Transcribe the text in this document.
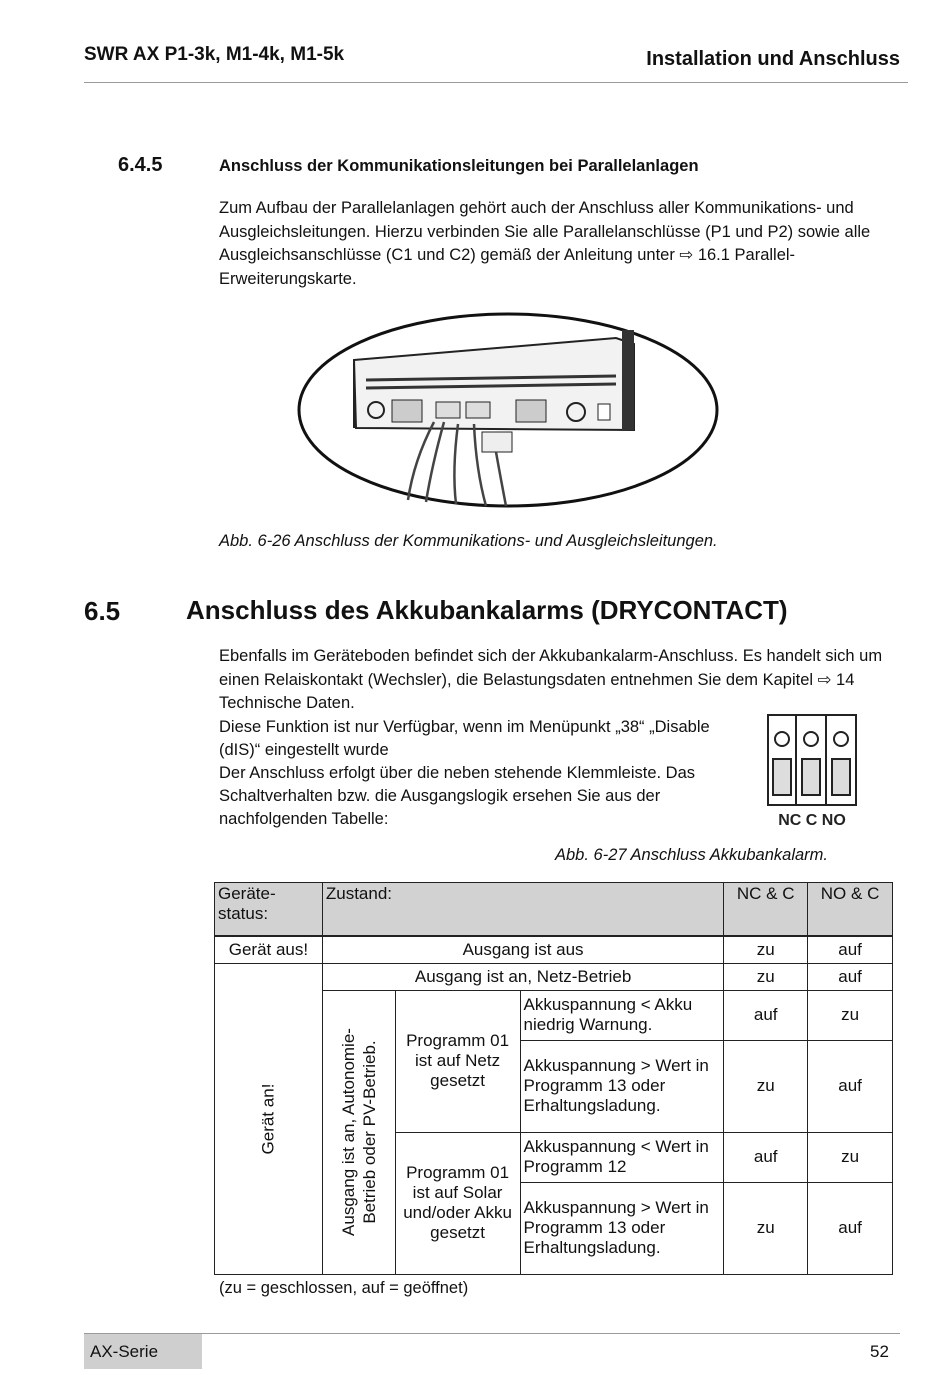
SWR AX P1-3k, M1-4k, M1-5k	Installation und Anschluss
6.4.5	Anschluss der Kommunikationsleitungen bei Parallelanlagen
Zum Aufbau der Parallelanlagen gehört auch der Anschluss aller Kommunikations- und Ausgleichsleitungen. Hierzu verbinden Sie alle Parallelanschlüsse (P1 und P2) sowie alle Ausgleichsanschlüsse (C1 und C2) gemäß der Anleitung unter ⇨ 16.1 Parallel-Erweiterungskarte.
Abb. 6-26 Anschluss der Kommunikations- und Ausgleichsleitungen.
6.5	Anschluss des Akkubankalarms (DRYCONTACT)
Ebenfalls im Geräteboden befindet sich der Akkubankalarm-Anschluss. Es handelt sich um einen Relaiskontakt (Wechsler), die Belastungsdaten entnehmen Sie dem Kapitel ⇨ 14 Technische Daten.
Diese Funktion ist nur Verfügbar, wenn im Menüpunkt „38“ „Disable (dIS)“ eingestellt wurde
Der Anschluss erfolgt über die neben stehende Klemmleiste. Das Schaltverhalten bzw. die Ausgangslogik ersehen Sie aus der nachfolgenden Tabelle:	NC C NO
Abb. 6-27 Anschluss Akkubankalarm.
Geräte-status:	Zustand:			NC & C	NO & C
Gerät aus!	Ausgang ist aus			zu	auf

Gerät an!	Ausgang ist an, Netz-Betrieb			zu	auf

	Ausgang ist an, Autonomie- Betrieb oder PV-Betrieb.	Programm 01 ist auf Netz gesetzt	Akkuspannung < Akku niedrig Warnung.	auf	zu
			Akkuspannung > Wert in Programm 13 oder Erhaltungsladung.	zu	auf
		Programm 01 ist auf Solar und/oder Akku gesetzt	Akkuspannung < Wert in Programm 12	auf	zu
			Akkuspannung > Wert in Programm 13 oder Erhaltungsladung.	zu	auf
(zu = geschlossen, auf = geöffnet)
AX-Serie	52
